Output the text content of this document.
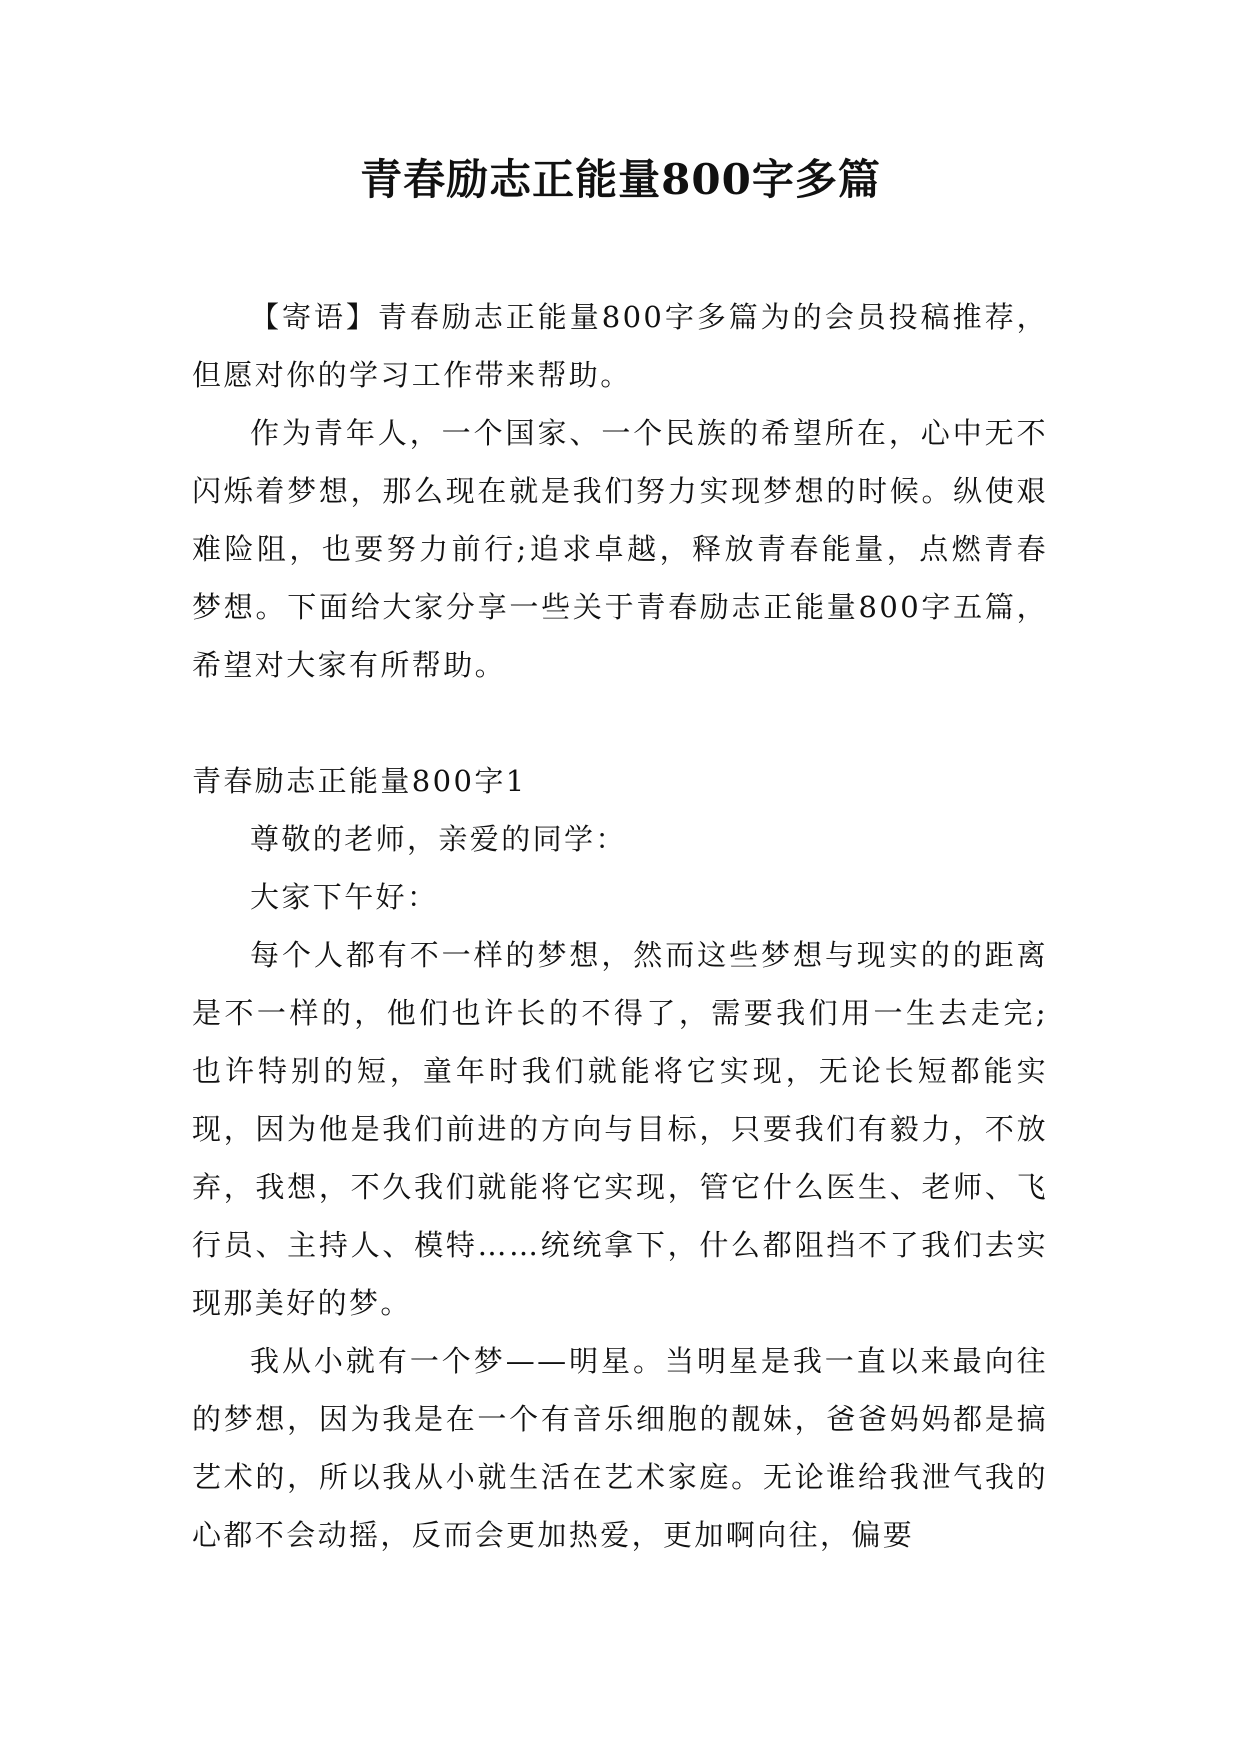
青春励志正能量800字多篇

【寄语】青春励志正能量800字多篇为的会员投稿推荐，但愿对你的学习工作带来帮助。

作为青年人，一个国家、一个民族的希望所在，心中无不闪烁着梦想，那么现在就是我们努力实现梦想的时候。纵使艰难险阻，也要努力前行;追求卓越，释放青春能量，点燃青春梦想。下面给大家分享一些关于青春励志正能量800字五篇，希望对大家有所帮助。

青春励志正能量800字1

尊敬的老师，亲爱的同学：

大家下午好：

每个人都有不一样的梦想，然而这些梦想与现实的的距离是不一样的，他们也许长的不得了，需要我们用一生去走完;也许特别的短，童年时我们就能将它实现，无论长短都能实现，因为他是我们前进的方向与目标，只要我们有毅力，不放弃，我想，不久我们就能将它实现，管它什么医生、老师、飞行员、主持人、模特……统统拿下，什么都阻挡不了我们去实现那美好的梦。

我从小就有一个梦——明星。当明星是我一直以来最向往的梦想，因为我是在一个有音乐细胞的靓妹，爸爸妈妈都是搞艺术的，所以我从小就生活在艺术家庭。无论谁给我泄气我的心都不会动摇，反而会更加热爱，更加啊向往，偏要
